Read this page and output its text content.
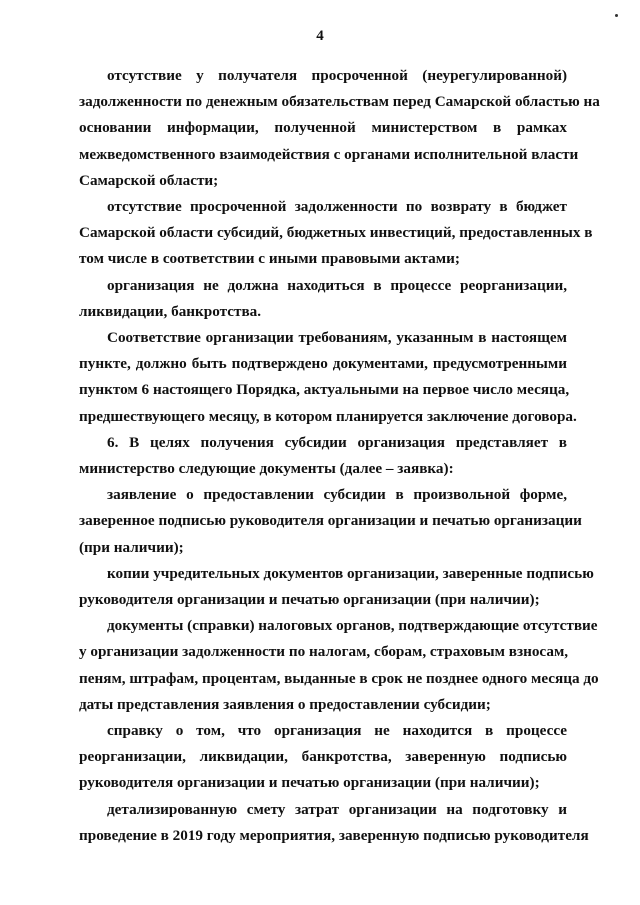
4
отсутствие у получателя просроченной (неурегулированной)
задолженности по денежным обязательствам перед Самарской областью на
основании информации, полученной министерством в рамках
межведомственного взаимодействия с органами исполнительной власти
Самарской области;
отсутствие просроченной задолженности по возврату в бюджет
Самарской области субсидий, бюджетных инвестиций, предоставленных в
том числе в соответствии с иными правовыми актами;
организация не должна находиться в процессе реорганизации,
ликвидации, банкротства.
Соответствие организации требованиям, указанным в настоящем
пункте, должно быть подтверждено документами, предусмотренными
пунктом 6 настоящего Порядка, актуальными на первое число месяца,
предшествующего месяцу, в котором планируется заключение договора.
6. В целях получения субсидии организация представляет в
министерство следующие документы (далее – заявка):
заявление о предоставлении субсидии в произвольной форме,
заверенное подписью руководителя организации и печатью организации
(при наличии);
копии учредительных документов организации, заверенные подписью
руководителя организации и печатью организации (при наличии);
документы (справки) налоговых органов, подтверждающие отсутствие
у организации задолженности по налогам, сборам, страховым взносам,
пеням, штрафам, процентам, выданные в срок не позднее одного месяца до
даты представления заявления о предоставлении субсидии;
справку о том, что организация не находится в процессе
реорганизации, ликвидации, банкротства, заверенную подписью
руководителя организации и печатью организации (при наличии);
детализированную смету затрат организации на подготовку и
проведение в 2019 году мероприятия, заверенную подписью руководителя
